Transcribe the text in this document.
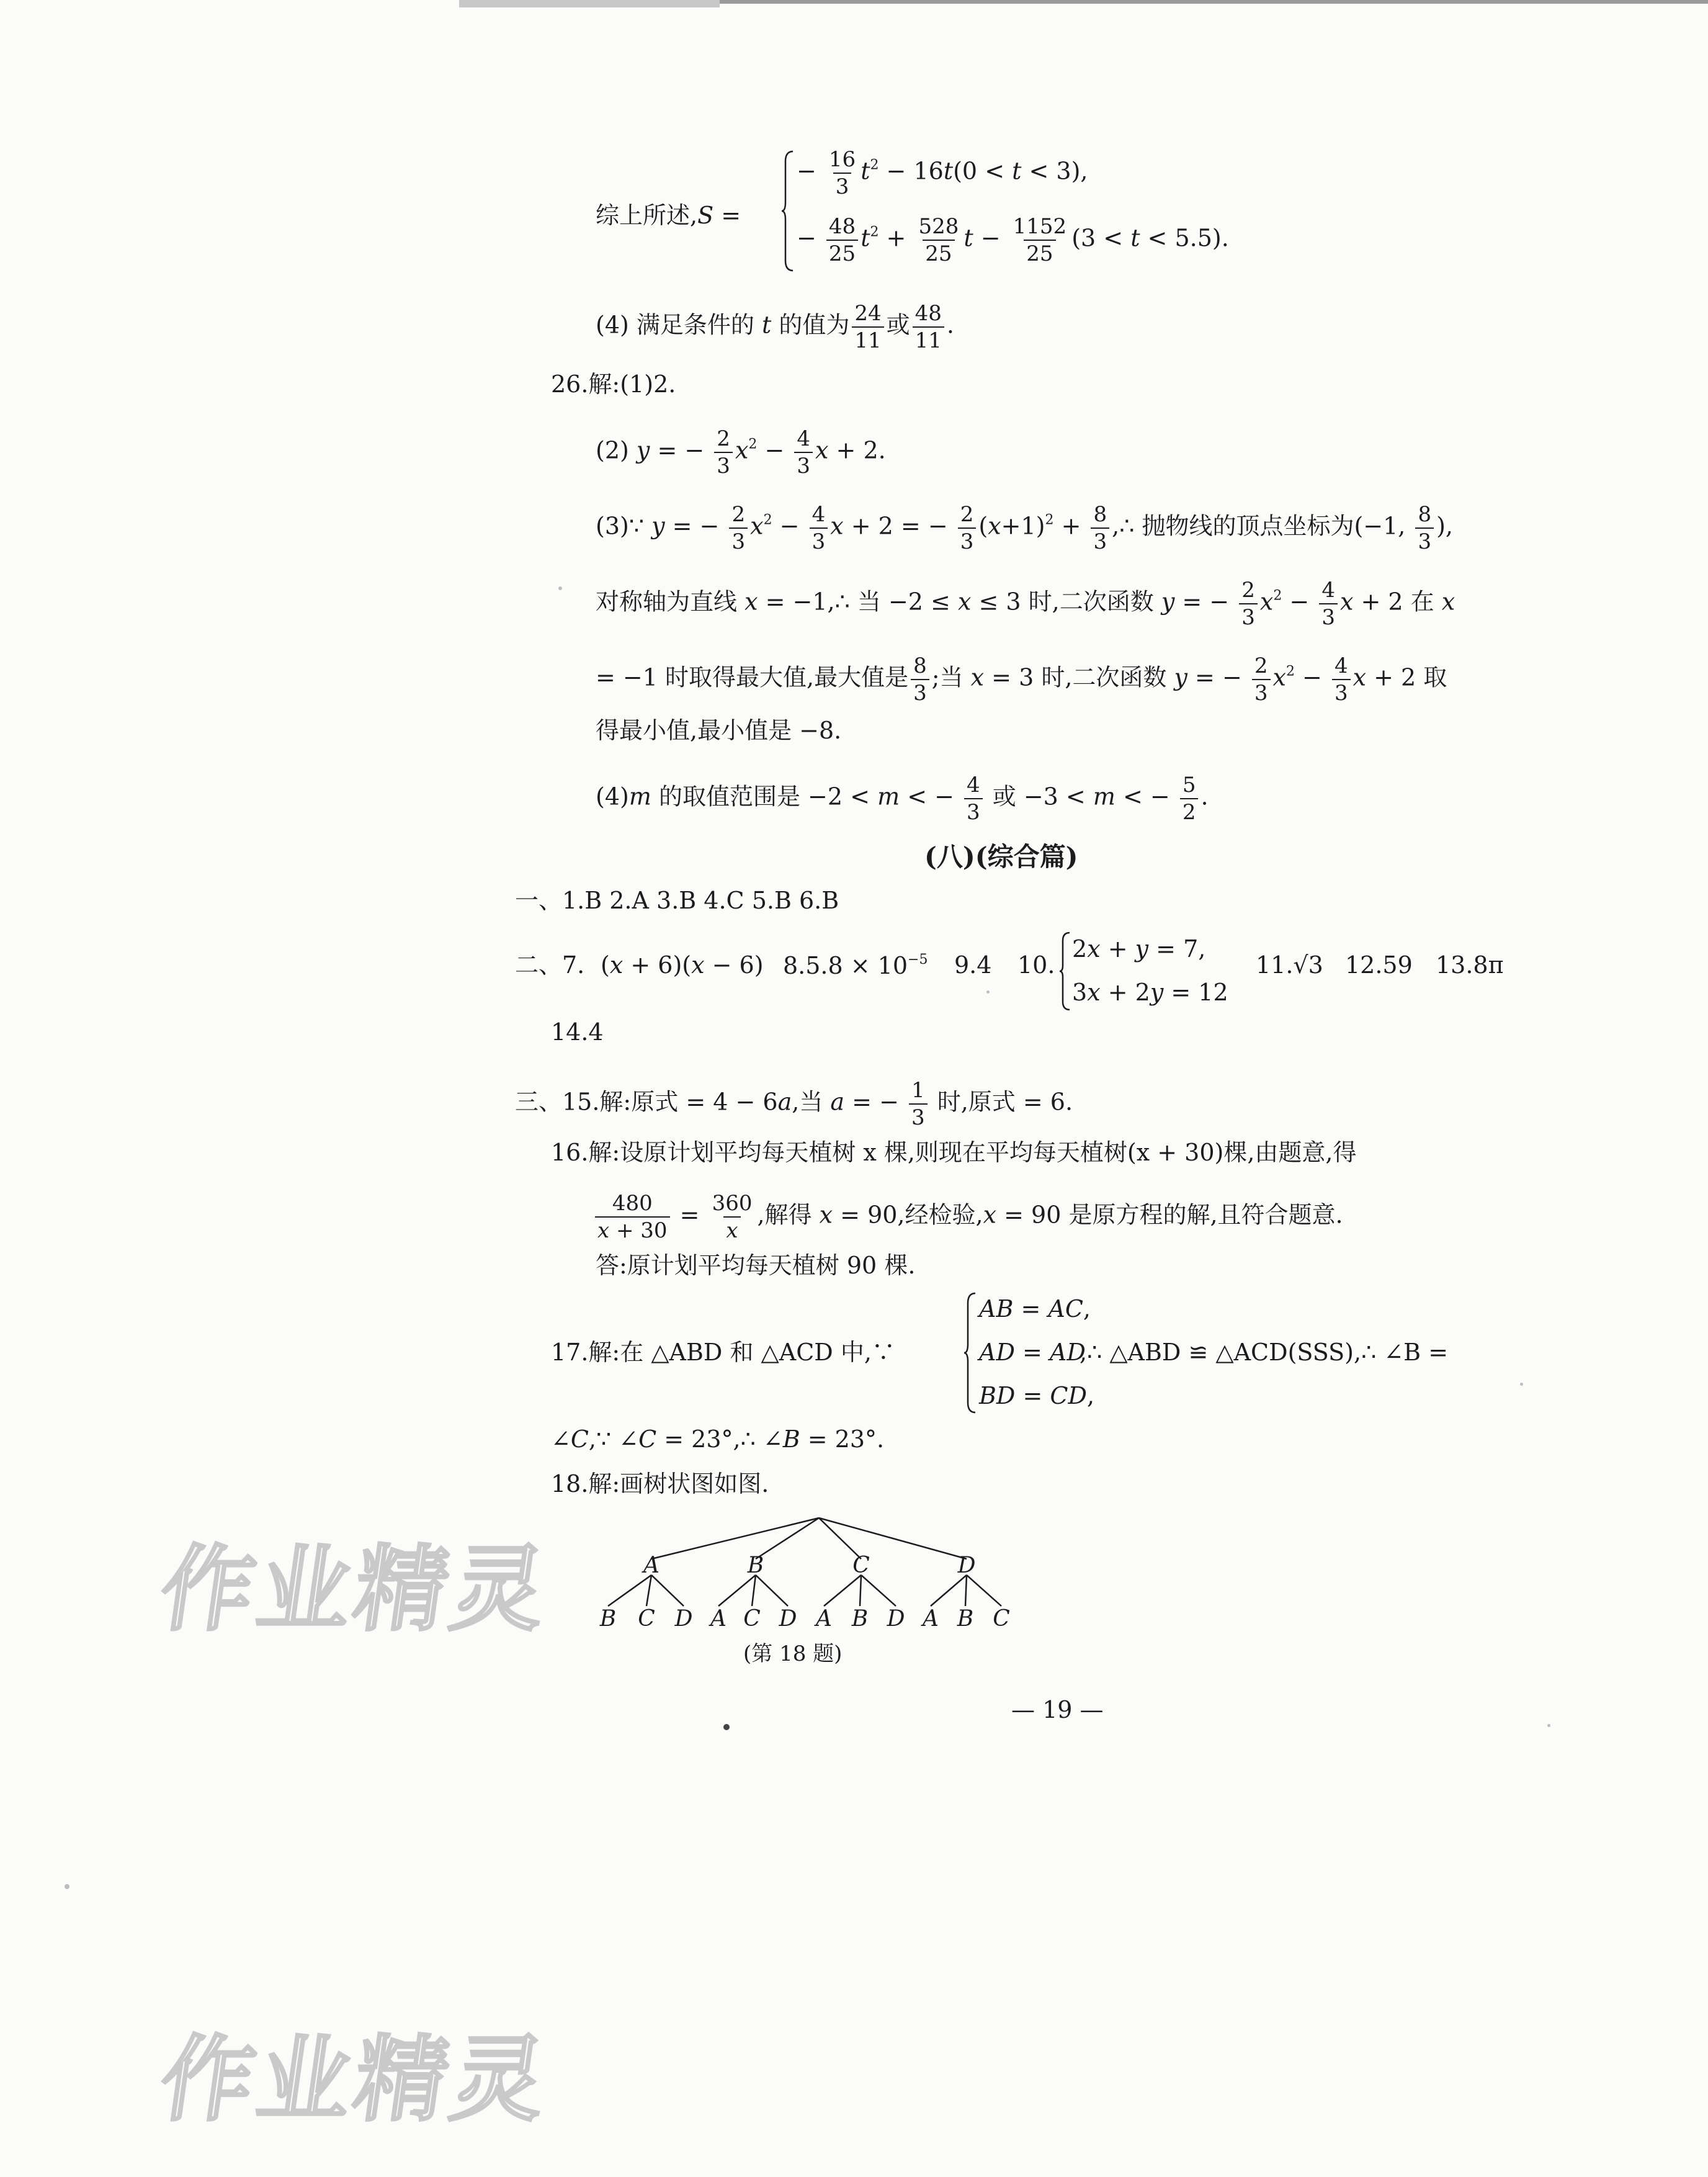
综上所述,S =
− $\frac{16}{3} t^2 - 16t(0 < t < 3)$,
− $\frac{48}{25} t^2 + \frac{528}{25}$ $t - \frac{1152}{25} (3 < t < 5.5)$.
(4) 满足条件的 t 的值为 $\frac{24}{11}$ 或 $\frac{48}{11}$ .
26.解:(1)2.
(2) y = − $\frac{2}{3} x^2 - \frac{4}{3}$ x + 2.
(3)∵ y = − $\frac{2}{3} x^2 - \frac{4}{3}$ x + 2 = − $\frac{2}{3} (x+1)^2 + \frac{8}{3}$ ,∴ 抛物线的顶点坐标为(−1, $\frac{8}{3}$ ),
对称轴为直线 x = −1,∴ 当 −2 ≤ x ≤ 3 时,二次函数 y = − $\frac{2}{3} x^2 - \frac{4}{3}$ x + 2 在 x
= −1 时取得最大值,最大值是 $\frac{8}{3}$ ;当 x = 3 时,二次函数 y = − $\frac{2}{3} x^2 - \frac{4}{3}$ x + 2 取
得最小值,最小值是 −8.
(4)m 的取值范围是 −2 < m < − $\frac{4}{3}$ 或 −3 < m < − $\frac{5}{2}$ .
(八)(综合篇)
一、1.B 2.A 3.B 4.C 5.B 6.B
二、7. (x + 6)(x − 6) $8.5.8 \times 10^{-5}$ 9.4 10.
2x + y = 7,
3x + 2y = 12
11.√3 12.59 13.8π
14.4
三、15.解:原式 = 4 − 6a,当 a = − $\frac{1}{3}$ 时,原式 = 6.
16.解:设原计划平均每天植树 x 棵,则现在平均每天植树(x + 30)棵,由题意,得
$\frac{480}{x + 30} = \frac{360}{x}$ ,解得 x = 90,经检验,x = 90 是原方程的解,且符合题意.
答:原计划平均每天植树 90 棵.
17.解:在 △ABD 和 △ACD 中,∵
AB = AC,
AD = AD
BD = CD,
,∴ △ABD ≌ △ACD(SSS),∴ ∠B =
∠C,∵ ∠C = 23°,∴ ∠B = 23°.
18.解:画树状图如图.
A	B	C	D
B C D A C D A B D A B C
(第 18 题)
— 19 —
作业精灵
作业精灵
